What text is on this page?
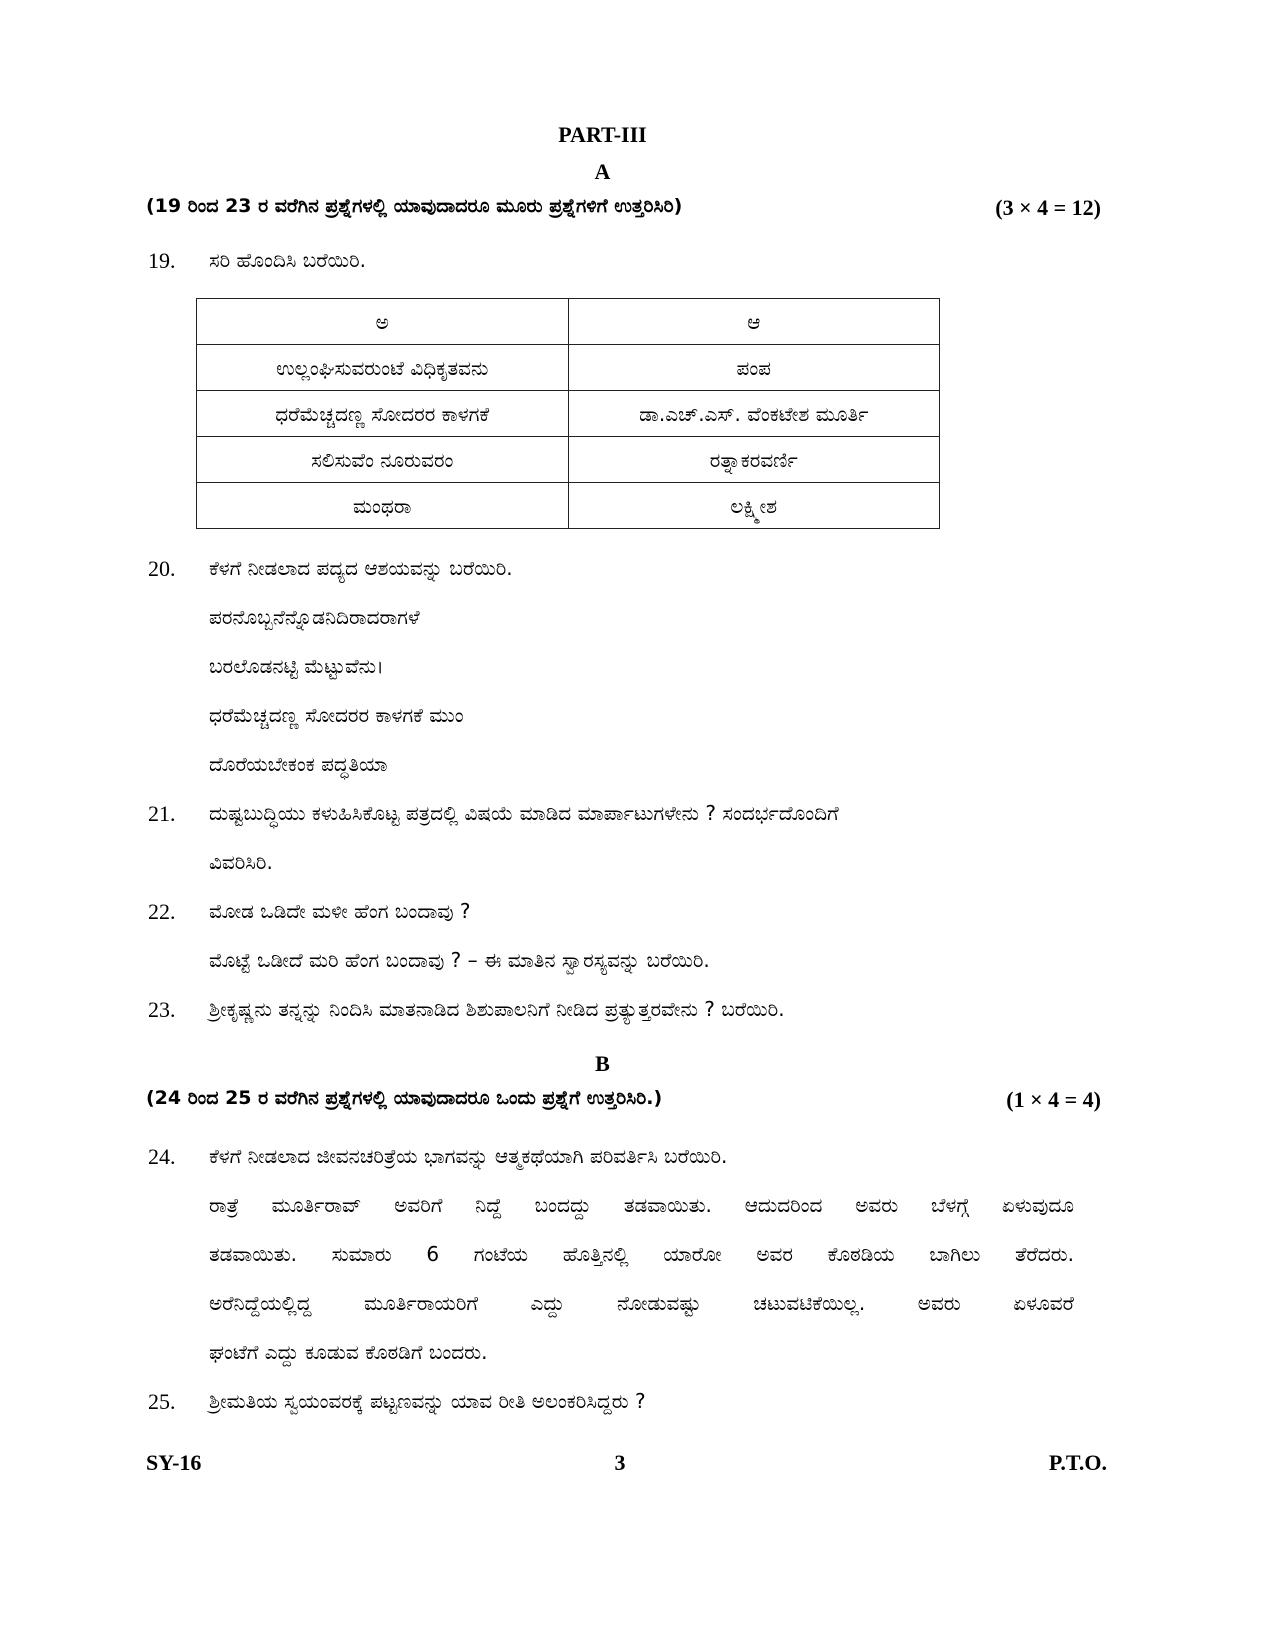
PART-III
A
(19 ರಿಂದ 23 ರ ವರೆಗಿನ ಪ್ರಶ್ನೆಗಳಲ್ಲಿ ಯಾವುದಾದರೂ ಮೂರು ಪ್ರಶ್ನೆಗಳಿಗೆ ಉತ್ತರಿಸಿರಿ)	(3 × 4 = 12)
19. ಸರಿ ಹೊಂದಿಸಿ ಬರೆಯಿರಿ.
ಅ	ಆ
ಉಲ್ಲಂಘಿಸುವರುಂಟೆ ವಿಧಿಕೃತವನು	ಪಂಪ
ಧರೆಮೆಚ್ಚದಣ್ಣ ಸೋದರರ ಕಾಳಗಕೆ	ಡಾ.ಎಚ್.ಎಸ್. ವೆಂಕಟೇಶ ಮೂರ್ತಿ
ಸಲಿಸುವೆಂ ನೂರುವರಂ	ರತ್ನಾಕರವರ್ಣಿ
ಮಂಥರಾ	ಲಕ್ಷ್ಮೀಶ
20. ಕೆಳಗೆ ನೀಡಲಾದ ಪದ್ಯದ ಆಶಯವನ್ನು ಬರೆಯಿರಿ.
ಪರನೊಬ್ಬನೆನ್ನೊಡನಿದಿರಾದರಾಗಳೆ
ಬರಲೊಡನಟ್ಟಿ ಮೆಟ್ಟುವೆನು।
ಧರೆಮೆಚ್ಚದಣ್ಣ ಸೋದರರ ಕಾಳಗಕೆ ಮುಂ
ದೊರೆಯಬೇಕಂಕ ಪದ್ಧತಿಯಾ
21. ದುಷ್ಟಬುದ್ಧಿಯು ಕಳುಹಿಸಿಕೊಟ್ಟ ಪತ್ರದಲ್ಲಿ ವಿಷಯೆ ಮಾಡಿದ ಮಾರ್ಪಾಟುಗಳೇನು ? ಸಂದರ್ಭದೊಂದಿಗೆ
ವಿವರಿಸಿರಿ.
22. ಮೋಡ ಒಡಿದೇ ಮಳೀ ಹೆಂಗ ಬಂದಾವು ?
ಮೊಟ್ಟೆ ಒಡೀದೆ ಮರಿ ಹೆಂಗ ಬಂದಾವು ? – ಈ ಮಾತಿನ ಸ್ವಾರಸ್ಯವನ್ನು ಬರೆಯಿರಿ.
23. ಶ್ರೀಕೃಷ್ಣನು ತನ್ನನ್ನು ನಿಂದಿಸಿ ಮಾತನಾಡಿದ ಶಿಶುಪಾಲನಿಗೆ ನೀಡಿದ ಪ್ರತ್ಯುತ್ತರವೇನು ? ಬರೆಯಿರಿ.
B
(24 ರಿಂದ 25 ರ ವರೆಗಿನ ಪ್ರಶ್ನೆಗಳಲ್ಲಿ ಯಾವುದಾದರೂ ಒಂದು ಪ್ರಶ್ನೆಗೆ ಉತ್ತರಿಸಿರಿ.)	(1 × 4 = 4)
24. ಕೆಳಗೆ ನೀಡಲಾದ ಜೀವನಚರಿತ್ರೆಯ ಭಾಗವನ್ನು ಆತ್ಮಕಥೆಯಾಗಿ ಪರಿವರ್ತಿಸಿ ಬರೆಯಿರಿ.
ರಾತ್ರೆ ಮೂರ್ತಿರಾವ್ ಅವರಿಗೆ ನಿದ್ದೆ ಬಂದದ್ದು ತಡವಾಯಿತು. ಆದುದರಿಂದ ಅವರು ಬೆಳಗ್ಗೆ ಏಳುವುದೂ
ತಡವಾಯಿತು. ಸುಮಾರು 6 ಗಂಟೆಯ ಹೊತ್ತಿನಲ್ಲಿ ಯಾರೋ ಅವರ ಕೊಠಡಿಯ ಬಾಗಿಲು ತೆರೆದರು.
ಅರೆನಿದ್ದೆಯಲ್ಲಿದ್ದ ಮೂರ್ತಿರಾಯರಿಗೆ ಎದ್ದು ನೋಡುವಷ್ಟು ಚಟುವಟಿಕೆಯಿಲ್ಲ. ಅವರು ಏಳೂವರೆ
ಘಂಟೆಗೆ ಎದ್ದು ಕೂಡುವ ಕೊಠಡಿಗೆ ಬಂದರು.
25. ಶ್ರೀಮತಿಯ ಸ್ವಯಂವರಕ್ಕೆ ಪಟ್ಟಣವನ್ನು ಯಾವ ರೀತಿ ಅಲಂಕರಿಸಿದ್ದರು ?
SY-16	3	P.T.O.
